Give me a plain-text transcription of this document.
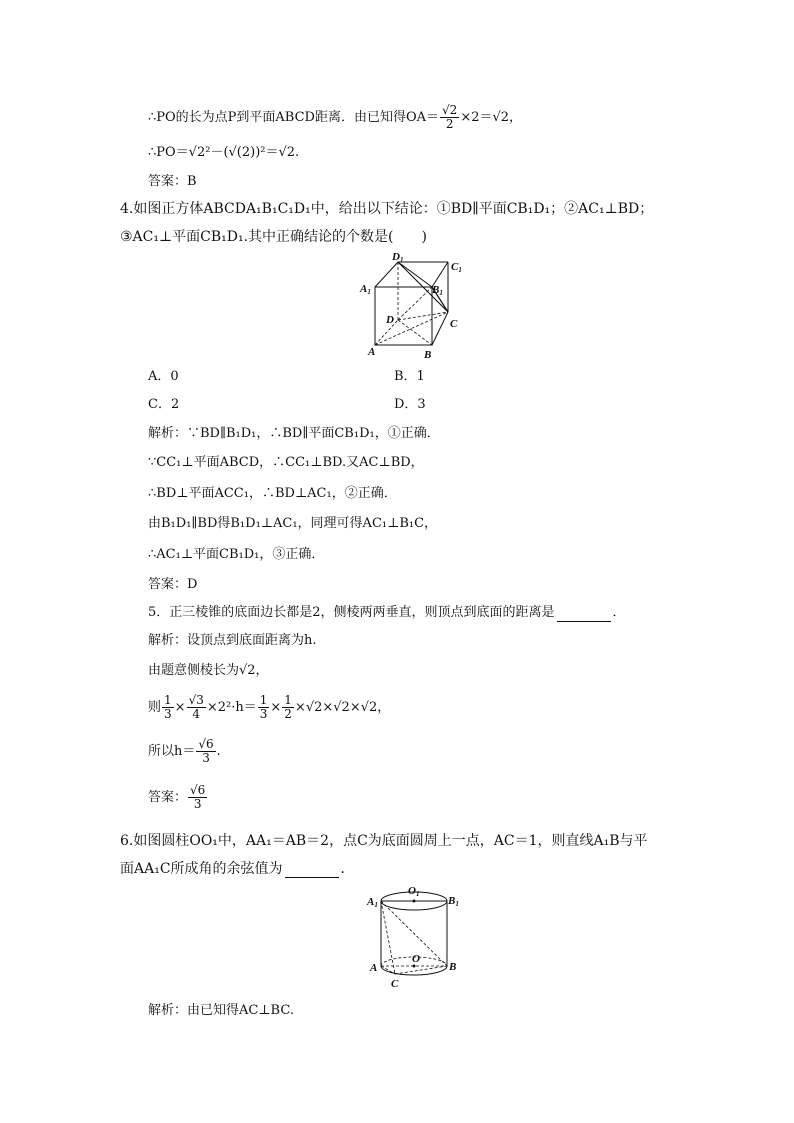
∴PO的长为点P到平面ABCD距离．由已知得$OA= \frac{√2}{2} \times 2=√2$，
∴PO＝√2²－(√(2))²＝√2.
答案：B
4.如图正方体ABCDA₁B₁C₁D₁中，给出以下结论：①BD∥平面CB₁D₁；②AC₁⊥BD；
③AC₁⊥平面CB₁D₁.其中正确结论的个数是(　　)
D1
C1
A1	B1
D	C
A	B
A．0	B．1
C．2	D．3
解析：∵BD∥B₁D₁，∴BD∥平面CB₁D₁，①正确．
∵CC₁⊥平面ABCD，∴CC₁⊥BD.又AC⊥BD，
∴BD⊥平面ACC₁，∴BD⊥AC₁，②正确．
由B₁D₁∥BD得B₁D₁⊥AC₁，同理可得AC₁⊥B₁C，
∴AC₁⊥平面CB₁D₁，③正确．
答案：D
5．正三棱锥的底面边长都是2，侧棱两两垂直，则顶点到底面的距离是	．
解析：设顶点到底面距离为h.
由题意侧棱长为√2，
则 $\frac{1}{3} \times \frac{√3}{4} \times 2^2\cdot h= \frac{1}{3} \times \frac{1}{2} \times√2\times√2\times√2$，
所以$h= \frac{√6}{3}$ .
答案： $\frac{√6}{3}$
6.如图圆柱OO₁中，AA₁＝AB＝2，点C为底面圆周上一点，AC＝1，则直线A₁B与平
面AA₁C所成角的余弦值为	．
O1
A1	B1
A	B
O
C
解析：由已知得AC⊥BC.
